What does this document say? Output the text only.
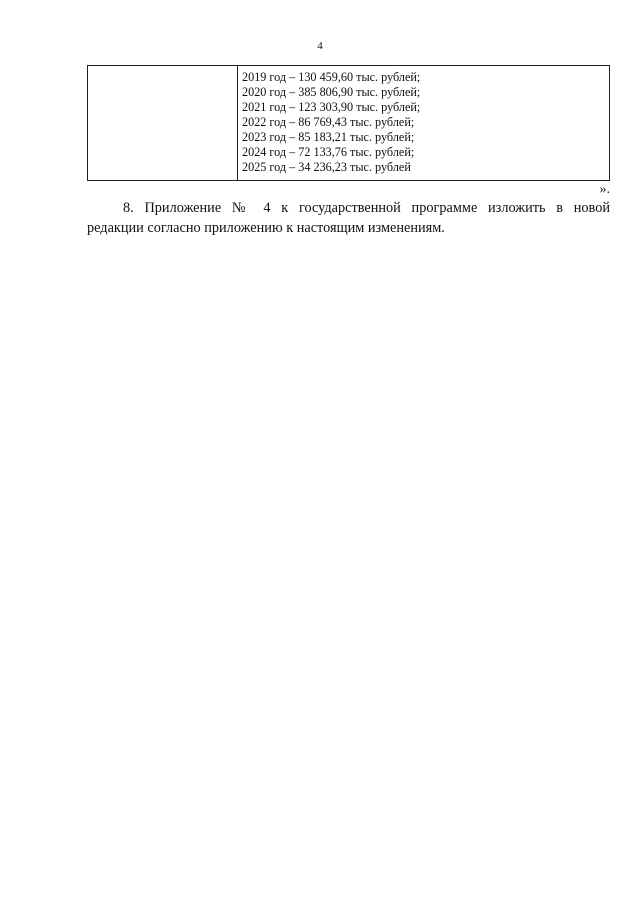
4
2019 год – 130 459,60 тыс. рублей;
2020 год – 385 806,90 тыс. рублей;
2021 год – 123 303,90 тыс. рублей;
2022 год – 86 769,43 тыс. рублей;
2023 год – 85 183,21 тыс. рублей;
2024 год – 72 133,76 тыс. рублей;
2025 год – 34 236,23 тыс. рублей
».
8. Приложение № 4 к государственной программе изложить в новой
редакции согласно приложению к настоящим изменениям.
